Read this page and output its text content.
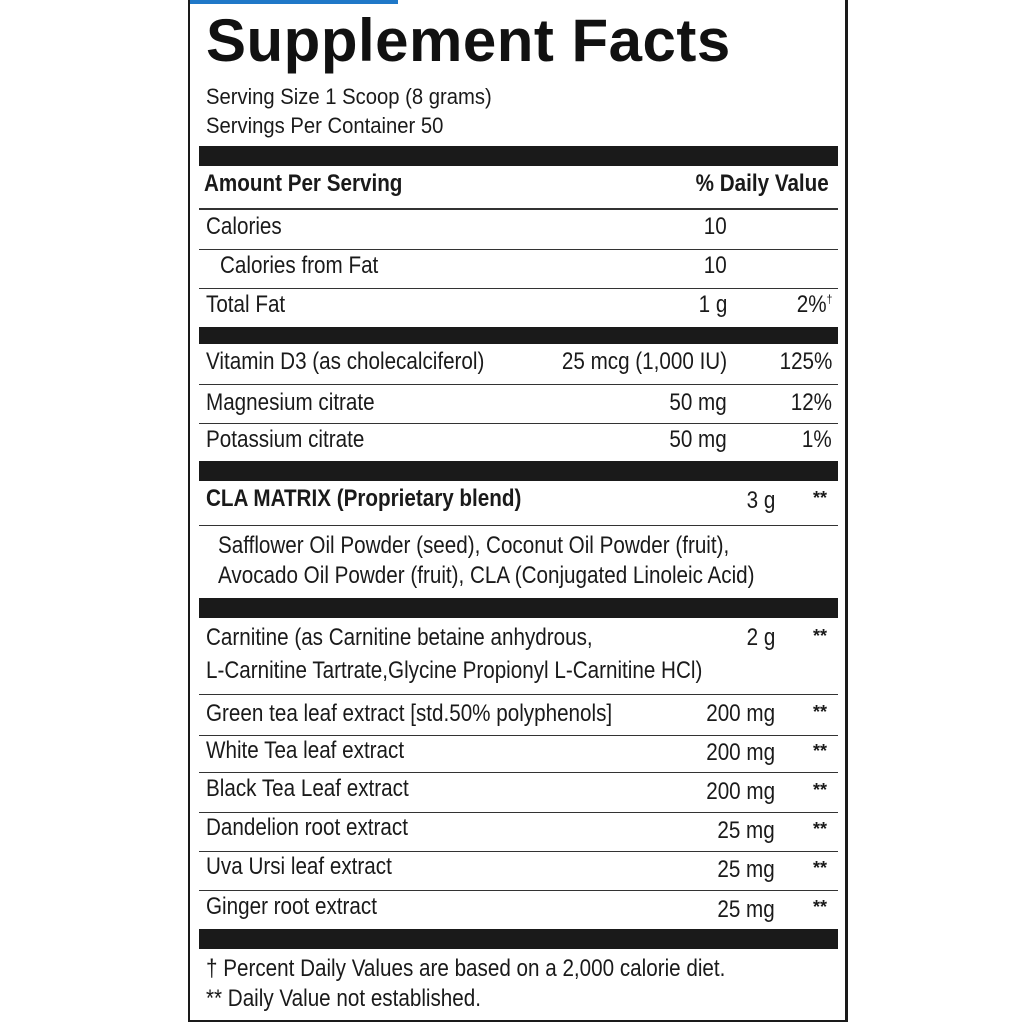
Supplement Facts
Serving Size 1 Scoop (8 grams)
Servings Per Container 50
Amount Per Serving	% Daily Value
Calories	10
Calories from Fat	10
Total Fat	1 g	2%†
Vitamin D3 (as cholecalciferol)	25 mcg (1,000 IU) 125%
Magnesium citrate	50 mg	12%
Potassium citrate	50 mg	1%
CLA MATRIX (Proprietary blend)	3 g **
Safflower Oil Powder (seed), Coconut Oil Powder (fruit),
Avocado Oil Powder (fruit), CLA (Conjugated Linoleic Acid)
Carnitine (as Carnitine betaine anhydrous,	2 g **
L-Carnitine Tartrate,Glycine Propionyl L-Carnitine HCl)
Green tea leaf extract [std.50% polyphenols]	200 mg **
White Tea leaf extract	200 mg **
Black Tea Leaf extract	200 mg **
Dandelion root extract	25 mg **
Uva Ursi leaf extract	25 mg **
Ginger root extract	25 mg **
† Percent Daily Values are based on a 2,000 calorie diet.
** Daily Value not established.
